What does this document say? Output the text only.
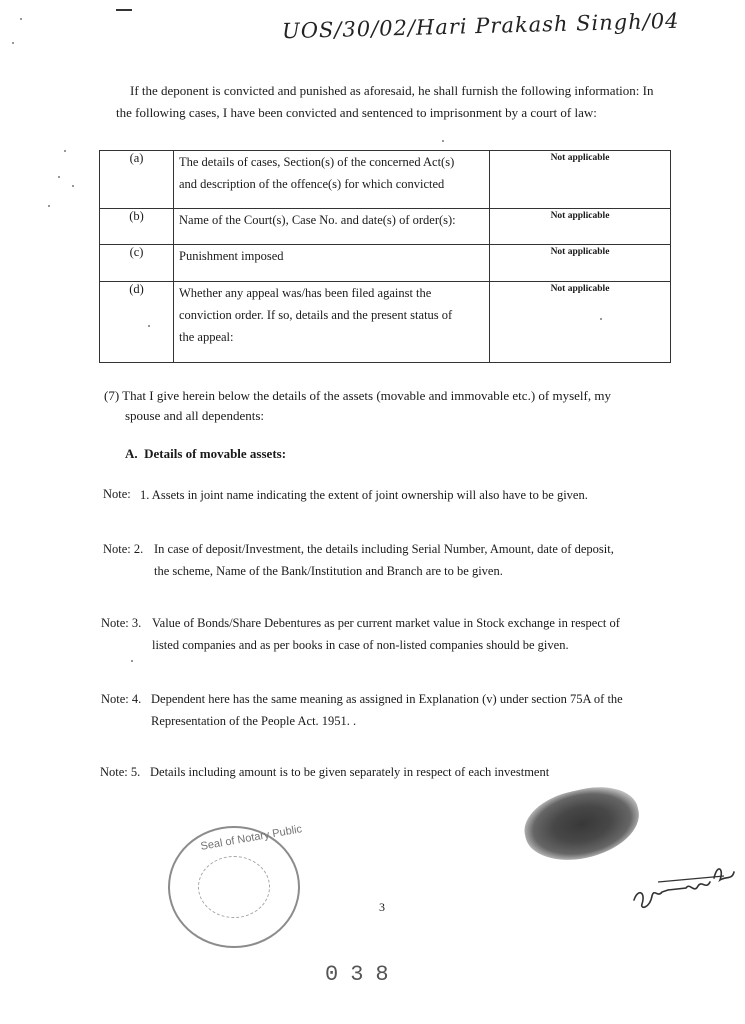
UOS/30/02/Hari Prakash Singh/04
If the deponent is convicted and punished as aforesaid, he shall furnish the following information: In
the following cases, I have been convicted and sentenced to imprisonment by a court of law:
(a)	The details of cases, Section(s) of the concerned Act(s)
and description of the offence(s) for which convicted	Not applicable
(b)	Name of the Court(s), Case No. and date(s) of order(s):	Not applicable
(c)	Punishment imposed	Not applicable
(d)	Whether any appeal was/has been filed against the
conviction order. If so, details and the present status of
the appeal:	Not applicable
(7) That I give herein below the details of the assets (movable and immovable etc.) of myself, my
spouse and all dependents:
A.  Details of movable assets:
Note: 1. Assets in joint name indicating the extent of joint ownership will also have to be given.
Note: 2. In case of deposit/Investment, the details including Serial Number, Amount, date of deposit,
the scheme, Name of the Bank/Institution and Branch are to be given.
Note: 3. Value of Bonds/Share Debentures as per current market value in Stock exchange in respect of
listed companies and as per books in case of non-listed companies should be given.
Note: 4. Dependent here has the same meaning as assigned in Explanation (v) under section 75A of the
Representation of the People Act. 1951. .
Note: 5. Details including amount is to be given separately in respect of each investment
Seal of Notary Public
3
038
